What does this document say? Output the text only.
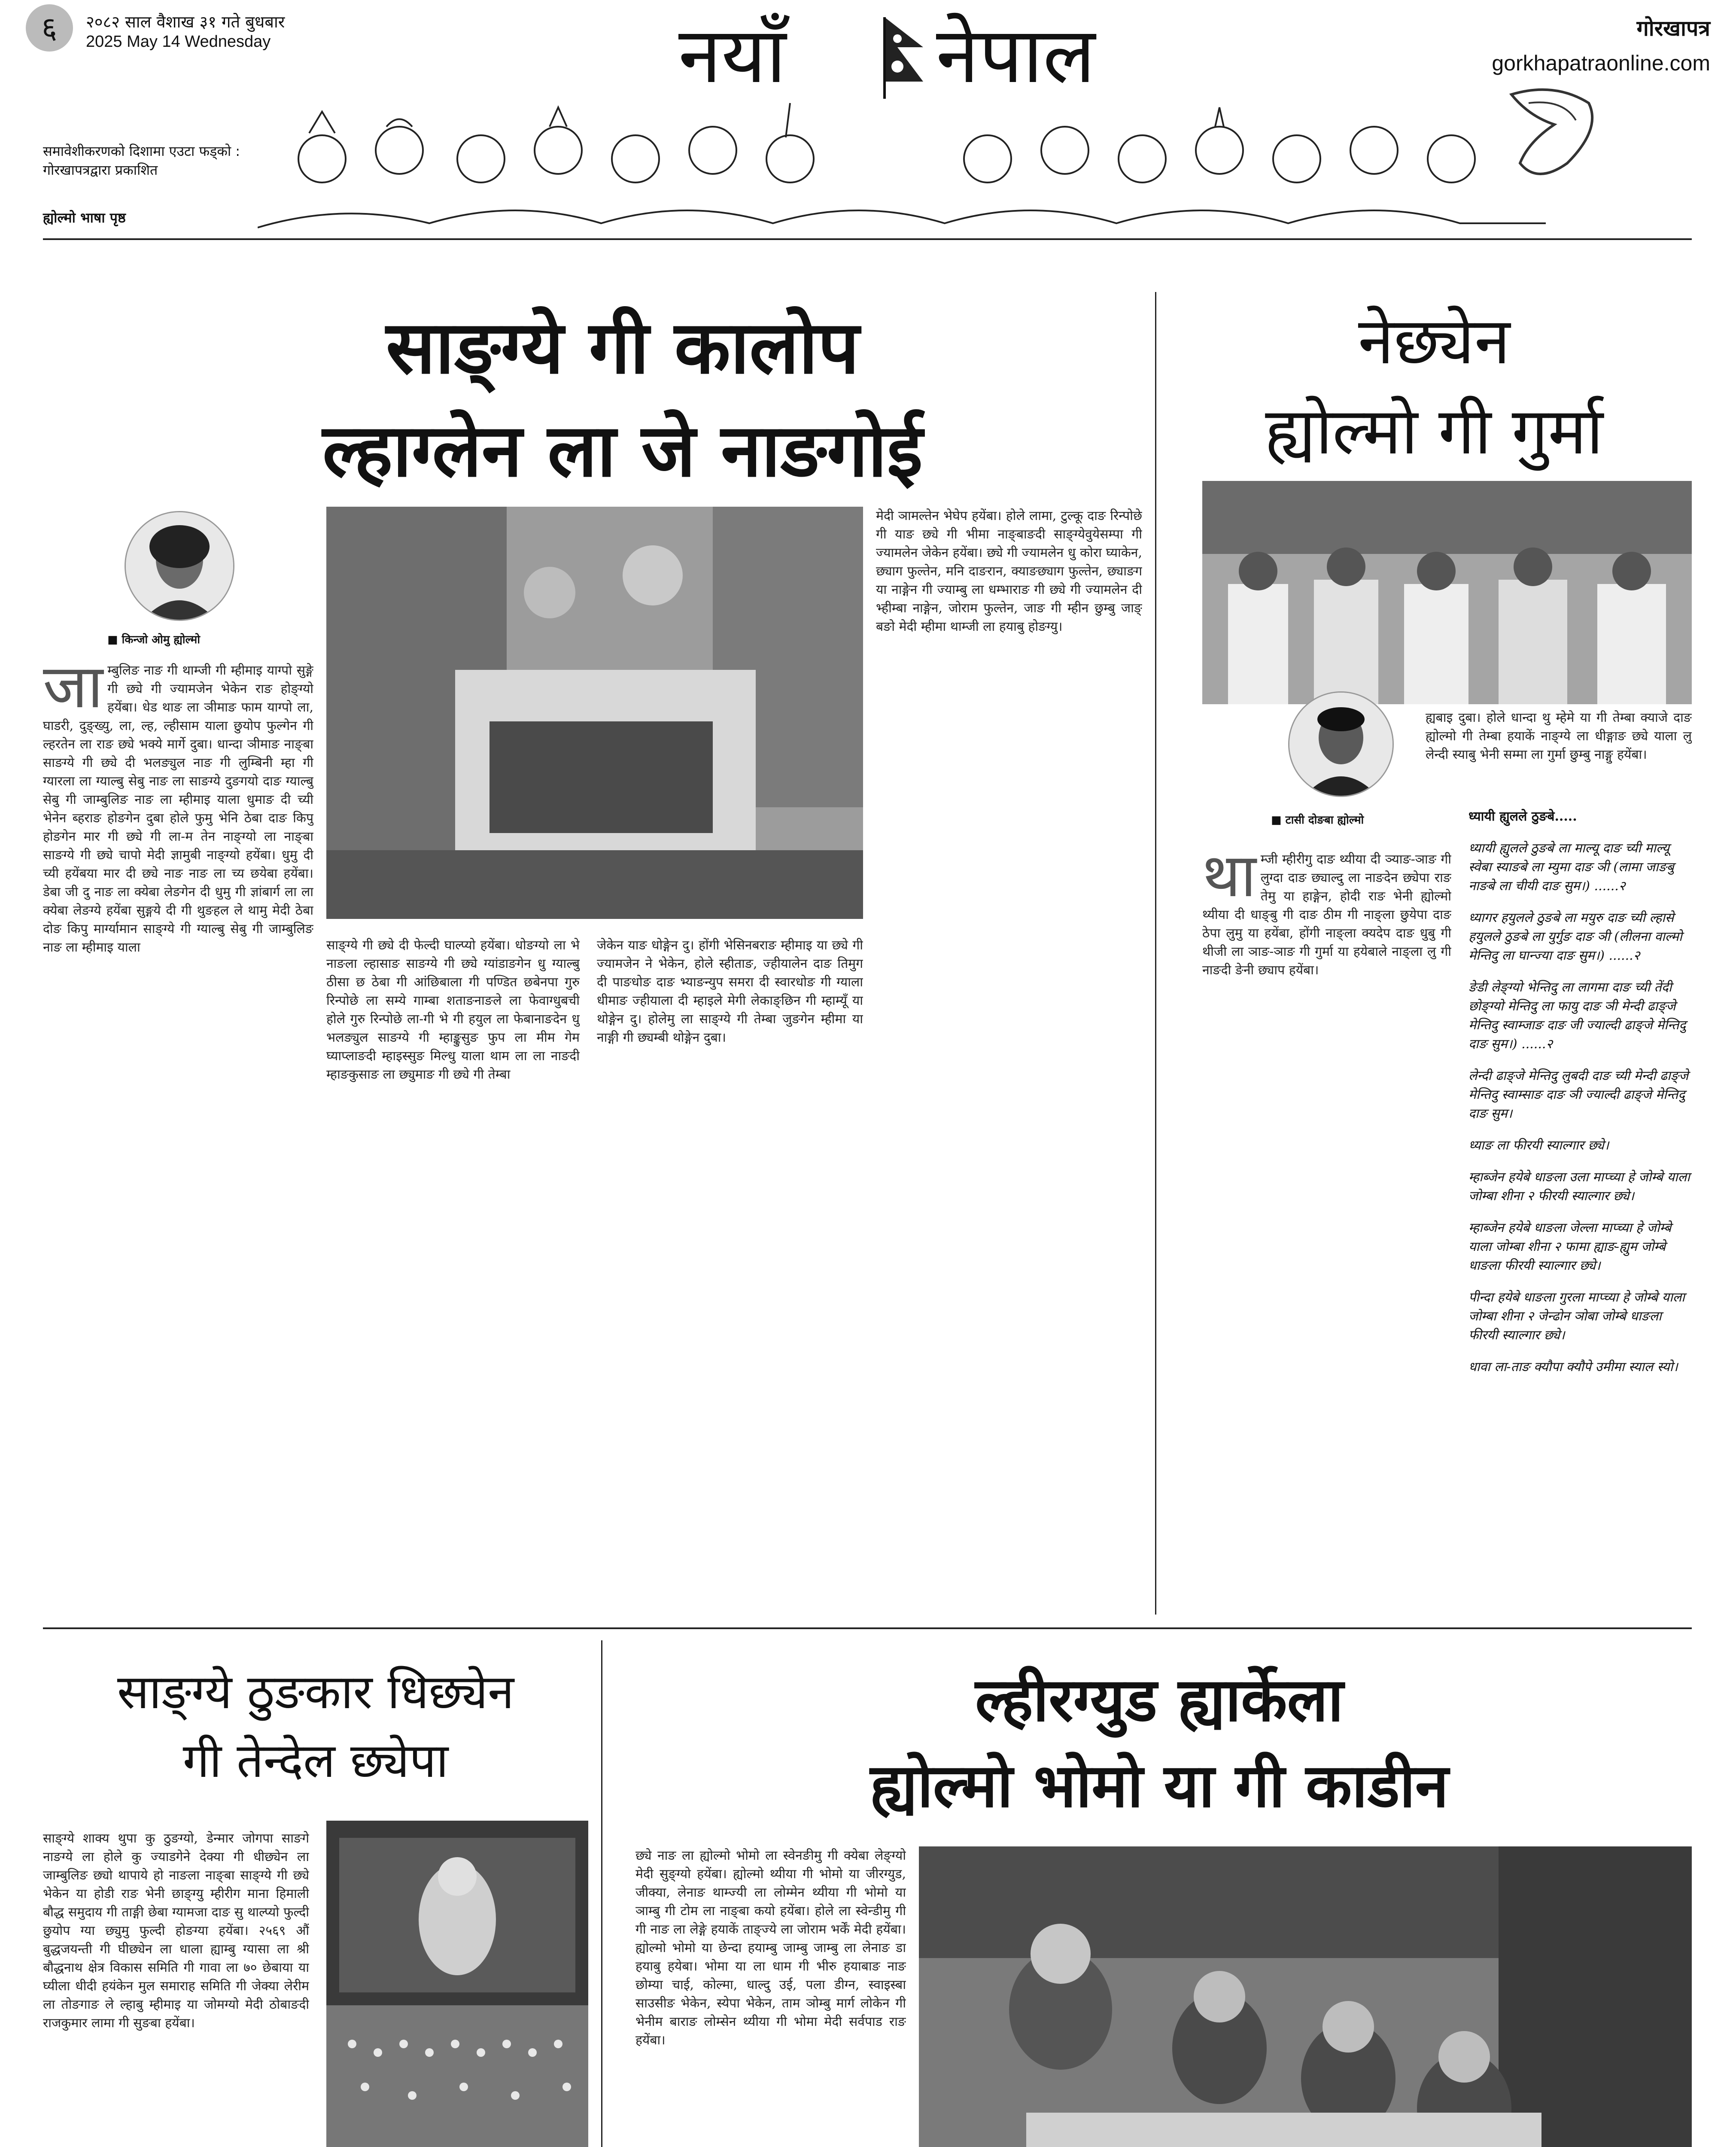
६	२०८२ साल वैशाख ३१ गते बुधबार
2025 May 14 Wednesday	नयाँ नेपाल	गोरखापत्र
gorkhapatraonline.com
समावेशीकरणको दिशामा एउटा फड्को : गोरखापत्रद्वारा प्रकाशित
ह्योल्मो भाषा पृष्ठ
साङ्‌ग्ये गी कालोप
ल्हाग्लेन ला जे नाङगोई
■ किन्जो ओमु ह्योल्मो
जा म्बुलिङ नाङ गी थाम्जी गी म्हीमाइ याग्पो सुङ्गे गी छ्ये गी ज्यामजेन भेकेन राङ होङ्ग्यो हयेंबा। धेड थाङ ला ञीमाङ फाम याग्पो ला, घाडरी, दुङ्ख्यु, ला, ल्ह, ल्हीसाम याला छुयोप फुल्गेन गी ल्हरतेन ला राङ छ्ये भक्ये मार्गे दुबा। धान्दा ञीमाङ नाङ्बा साङग्ये गी छ्ये दी भलङ्युल नाङ गी लुम्बिनी म्हा गी ग्यारला ला ग्याल्बु सेबु नाङ ला साङग्ये दुङगयो दाङ ग्याल्बु सेबु गी जाम्बुलिङ नाङ ला म्हीमाइ याला धुमाङ दी च्यी भेनेन ब्हराङ होङगेन दुबा होले फुमु भेनि ठेबा दाङ किपु होङगेन मार गी छ्ये गी ला-म तेन नाङ्ग्यो ला नाङ्बा साङग्ये गी छ्ये चापो मेदी ज्ञामुबी नाङ्ग्यो हयेंबा। धुमु दी च्यी हयेंबया मार दी छ्ये नाङ नाङ ला च्य छयेबा हयेंबा। डेबा जी दु नाङ ला क्येबा लेङगेन दी धुमु गी ज्ञांबार्ग ला ला क्येबा लेङग्ये हयेंबा सुङ्गये दी गी थुङहल ले थामु मेदी ठेबा दोङ किपु मार्ग्यामान साङ्‌ग्ये गी ग्याल्बु सेबु गी जाम्बुलिङ नाङ ला म्हीमाइ याला	साङ्ग्ये गी छ्ये दी फेल्दी घाल्प्यो हयेंबा। धोङग्यो ला भे नाङला ल्हासाङ साङग्ये गी छ्ये ग्यांडाङगेन धु ग्याल्बु ठीसा छ ठेबा गी आंछिबाला गी पण्डित छबेनपा गुरु रिन्पोछे ला सम्ये गाम्बा शताङनाङले ला फेवाग्धुबची होले गुरु रिन्पोछे ला-गी भे गी हयुल ला फेबानाङदेन धु भलङ्युल साङग्ये गी म्हाङ्कुसुङ फुप ला मीम गेम घ्याप्लाङदी म्हाइस्सुङ मिल्धु याला थाम ला ला नाङदी म्हाङकुसाङ ला छ्युमाङ गी छ्ये गी तेम्बा
जेकेन याङ धोङ्गेन दु। होंगी भेसिनबराङ म्हीमाइ या छ्ये गी ज्यामजेन ने भेकेन, होले स्हीताङ, ज्हीयालेन दाङ तिमुग दी पाङधोङ दाङ भ्याङन्युप समरा दी स्वारधोङ गी ग्याला धीमाङ ज्हीयाला दी म्हाइले मेगी लेकाङ्छिन गी म्हाम्यूँ या थोङ्गेन दु। होलेमु ला साङ्ग्ये गी तेम्बा जुङगेन म्हीमा या नाङ्गी गी छ्यम्बी थोङ्गेन दुबा।
मेदी ञामल्तेन भेघेप हयेंबा। होले लामा, टुल्कू दाङ रिन्पोछे गी याङ छ्ये गी भीमा नाङ्बाङदी साङ्‌ग्येवुयेसम्पा गी ज्यामलेन जेकेन हयेंबा। छ्ये गी ज्यामलेन धु कोरा घ्याकेन, छ्याग फुल्तेन, मनि दाङरान, क्याङछ्याग फुल्तेन, छ्याङग या नाङ्गेन गी ज्याम्बु ला धम्भाराङ गी छ्ये गी ज्यामलेन दी भ्हीम्बा नाङ्गेन, जोराम फुल्तेन, जाङ गी म्हीन छुम्बु जाङ्‌ बङो मेदी म्हीमा थाम्जी ला हयाबु होङग्यु।
नेछ्येन
ह्योल्मो गी गुर्मा
■ टासी दोङबा ह्योल्मो
ह्यबाइ दुबा। होले धान्दा थु म्हेमे या गी तेम्बा क्याजे दाङ ह्योल्मो गी तेम्बा हयाकें नाङ्ग्ये ला धीङ्गाङ छ्ये याला लु लेन्दी स्याबु भेनी सम्मा ला गुर्मा छुम्बु नाङ्गु हयेंबा।
था म्जी म्हीरीगु दाङ थ्यीया दी ञ्याङ-ञाङ गी लुग्दा दाङ छ्याल्दु ला नाङदेन छ्येपा राङ तेमु या हाङ्गेन, होदी राङ भेनी ह्योल्मो थ्यीया दी धाङ्बु गी दाङ ठीम गी नाङ्ला छुयेपा दाङ ठेपा लुमु या हयेंबा, होंगी नाङ्ला क्यदेप दाङ धुबु गी थीजी ला ञाङ-ञाङ गी गुर्मा या हयेबाले नाङ्ला लु गी नाङदी ङेनी छ्याप हयेंबा।

ध्यायी ह्युलले ठुङबे.....

ध्यायी ह्युलले ठुङबे ला माल्यू दाङ च्यी माल्यू स्वेबा स्याङबे ला म्युमा दाङ ञी (लामा जाङबु नाङबे ला चीयी दाङ सुम।) ......२

ध्यागर हयुलले ठुङबे ला मयुरु दाङ च्यी ल्हासे हयुलले ठुङबे ला युर्गुङ दाङ ञी (लीलना वाल्मो मेन्तिदु ला घान्ज्या दाङ सुम।) ......२

ङेडी लेङ्ग्यो भेन्तिदु ला लागमा दाङ च्यी तेंदी छोङ्ग्यो मेन्तिदु ला फायु दाङ ञी मेन्दी ढाङ्जे मेन्तिदु स्वाम्जाङ दाङ जी ज्याल्दी ढाङ्जे मेन्तिदु दाङ सुम।) ......२

लेन्दी ढाङ्जे मेन्तिदु लुबदी दाङ च्यी मेन्दी ढाङ्जे मेन्तिदु स्वाम्साङ दाङ ञी ज्याल्दी ढाङ्जे मेन्तिदु दाङ सुम।

ध्याङ ला फीरयी स्याल्गार छ्ये।

म्हाब्जेन हयेबे धाङला उला माप्च्या हे जोम्बे याला जोम्बा शीना २ फीरयी स्याल्गार छ्ये।

म्हाब्जेन हयेबे धाङला जेल्ला माप्च्या हे जोम्बे याला जोम्बा शीना २ फामा ह्याङ-ह्युम जोम्बे धाङला फीरयी स्याल्गार छ्ये।

पीन्दा हयेबे धाङला गुरला माप्च्या हे जोम्बे याला जोम्बा शीना २ जेन्ढोन ञोबा जोम्बे धाङला फीरयी स्याल्गार छ्ये।

धावा ला-ताङ क्यौपा क्यौपे उमीमा स्याल स्यो।

साङ्ग्ये ठुङकार धिछ्येन
गी तेन्देल छ्येपा
साङ्ग्ये शाक्य थुपा कु ठुङग्यो, डेन्मार जोगपा साङगे नाङग्ये ला होले कु ज्याडगेने देक्या गी धीछ्येन ला जाम्बुलिङ छ्यो थापाये हो नाङला नाङ्बा साङ्ग्ये गी छ्ये भेकेन या होडी राङ भेनी छाङ्ग्यु म्हीरीग माना हिमाली बौद्ध समुदाय गी ताङ्गी छेबा ग्यामजा दाङ सु थाल्प्यो फुल्दी छुयोप ग्या छ्युमु फुल्दी होङग्या हयेंबा। २५६९ औं बुद्धजयन्ती गी घीछ्येन ला धाला ह्याम्बु ग्यासा ला श्री बौद्धनाथ क्षेत्र विकास समिति गी गावा ला ७० छेबाया या घ्यीला धीदी हयंकेन मुल समाराह समिति गी जेक्या लेरीम ला तोङगाङ ले ल्हाबु म्हीमाइ या जोमग्यो मेदी ठोबाङदी राजकुमार लामा गी सुङबा हयेंबा।
ल्हीरग्युड ह्यार्केला
ह्योल्मो भोमो या गी काडीन
छ्ये नाङ ला ह्योल्मो भोमो ला स्वेनङीमु गी क्येबा लेङ्ग्यो मेदी सुङ्ग्यो हयेंबा। ह्योल्मो थ्यीया गी भोमो या जीरग्युड, जीक्या, लेनाङ थाम्ज्यी ला लोम्मेन थ्यीया गी भोमो या ञाम्बु गी टोम ला नाङ्बा कयो हयेंबा। होले ला स्वेन्डीमु गी गी नाङ ला लेङ्गे हयाकें ताङ्ज्ये ला जोराम भर्कें मेदी हयेंबा। ह्योल्मो भोमो या छेन्दा हयाम्बु जाम्बु जाम्बु ला लेनाङ डा हयाबु हयेबा। भोमा या ला धाम गी भीरु हयाबाङ नाङ छोम्या चाई, कोल्मा, धाल्दु उई, पला डीग्न, स्वाइस्बा साउसीङ भेकेन, स्येपा भेकेन, ताम ञोम्बु मार्ग लोकेन गी भेनीम बाराङ लोम्सेन थ्यीया गी भोमा मेदी सर्वपाड राङ हयेंबा।
